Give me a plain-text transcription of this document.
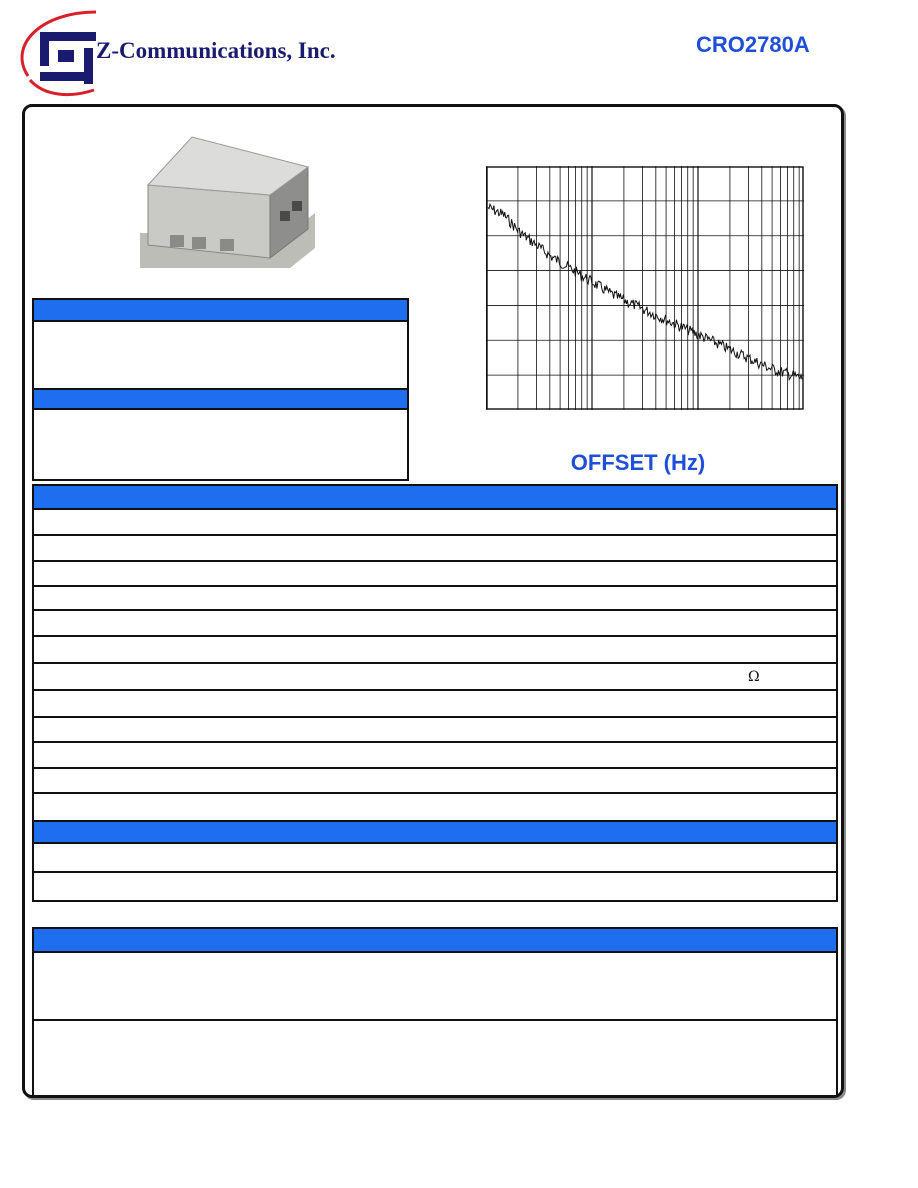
Z-Communications, Inc.	CRO2780A
OFFSET (Hz)
Ω
